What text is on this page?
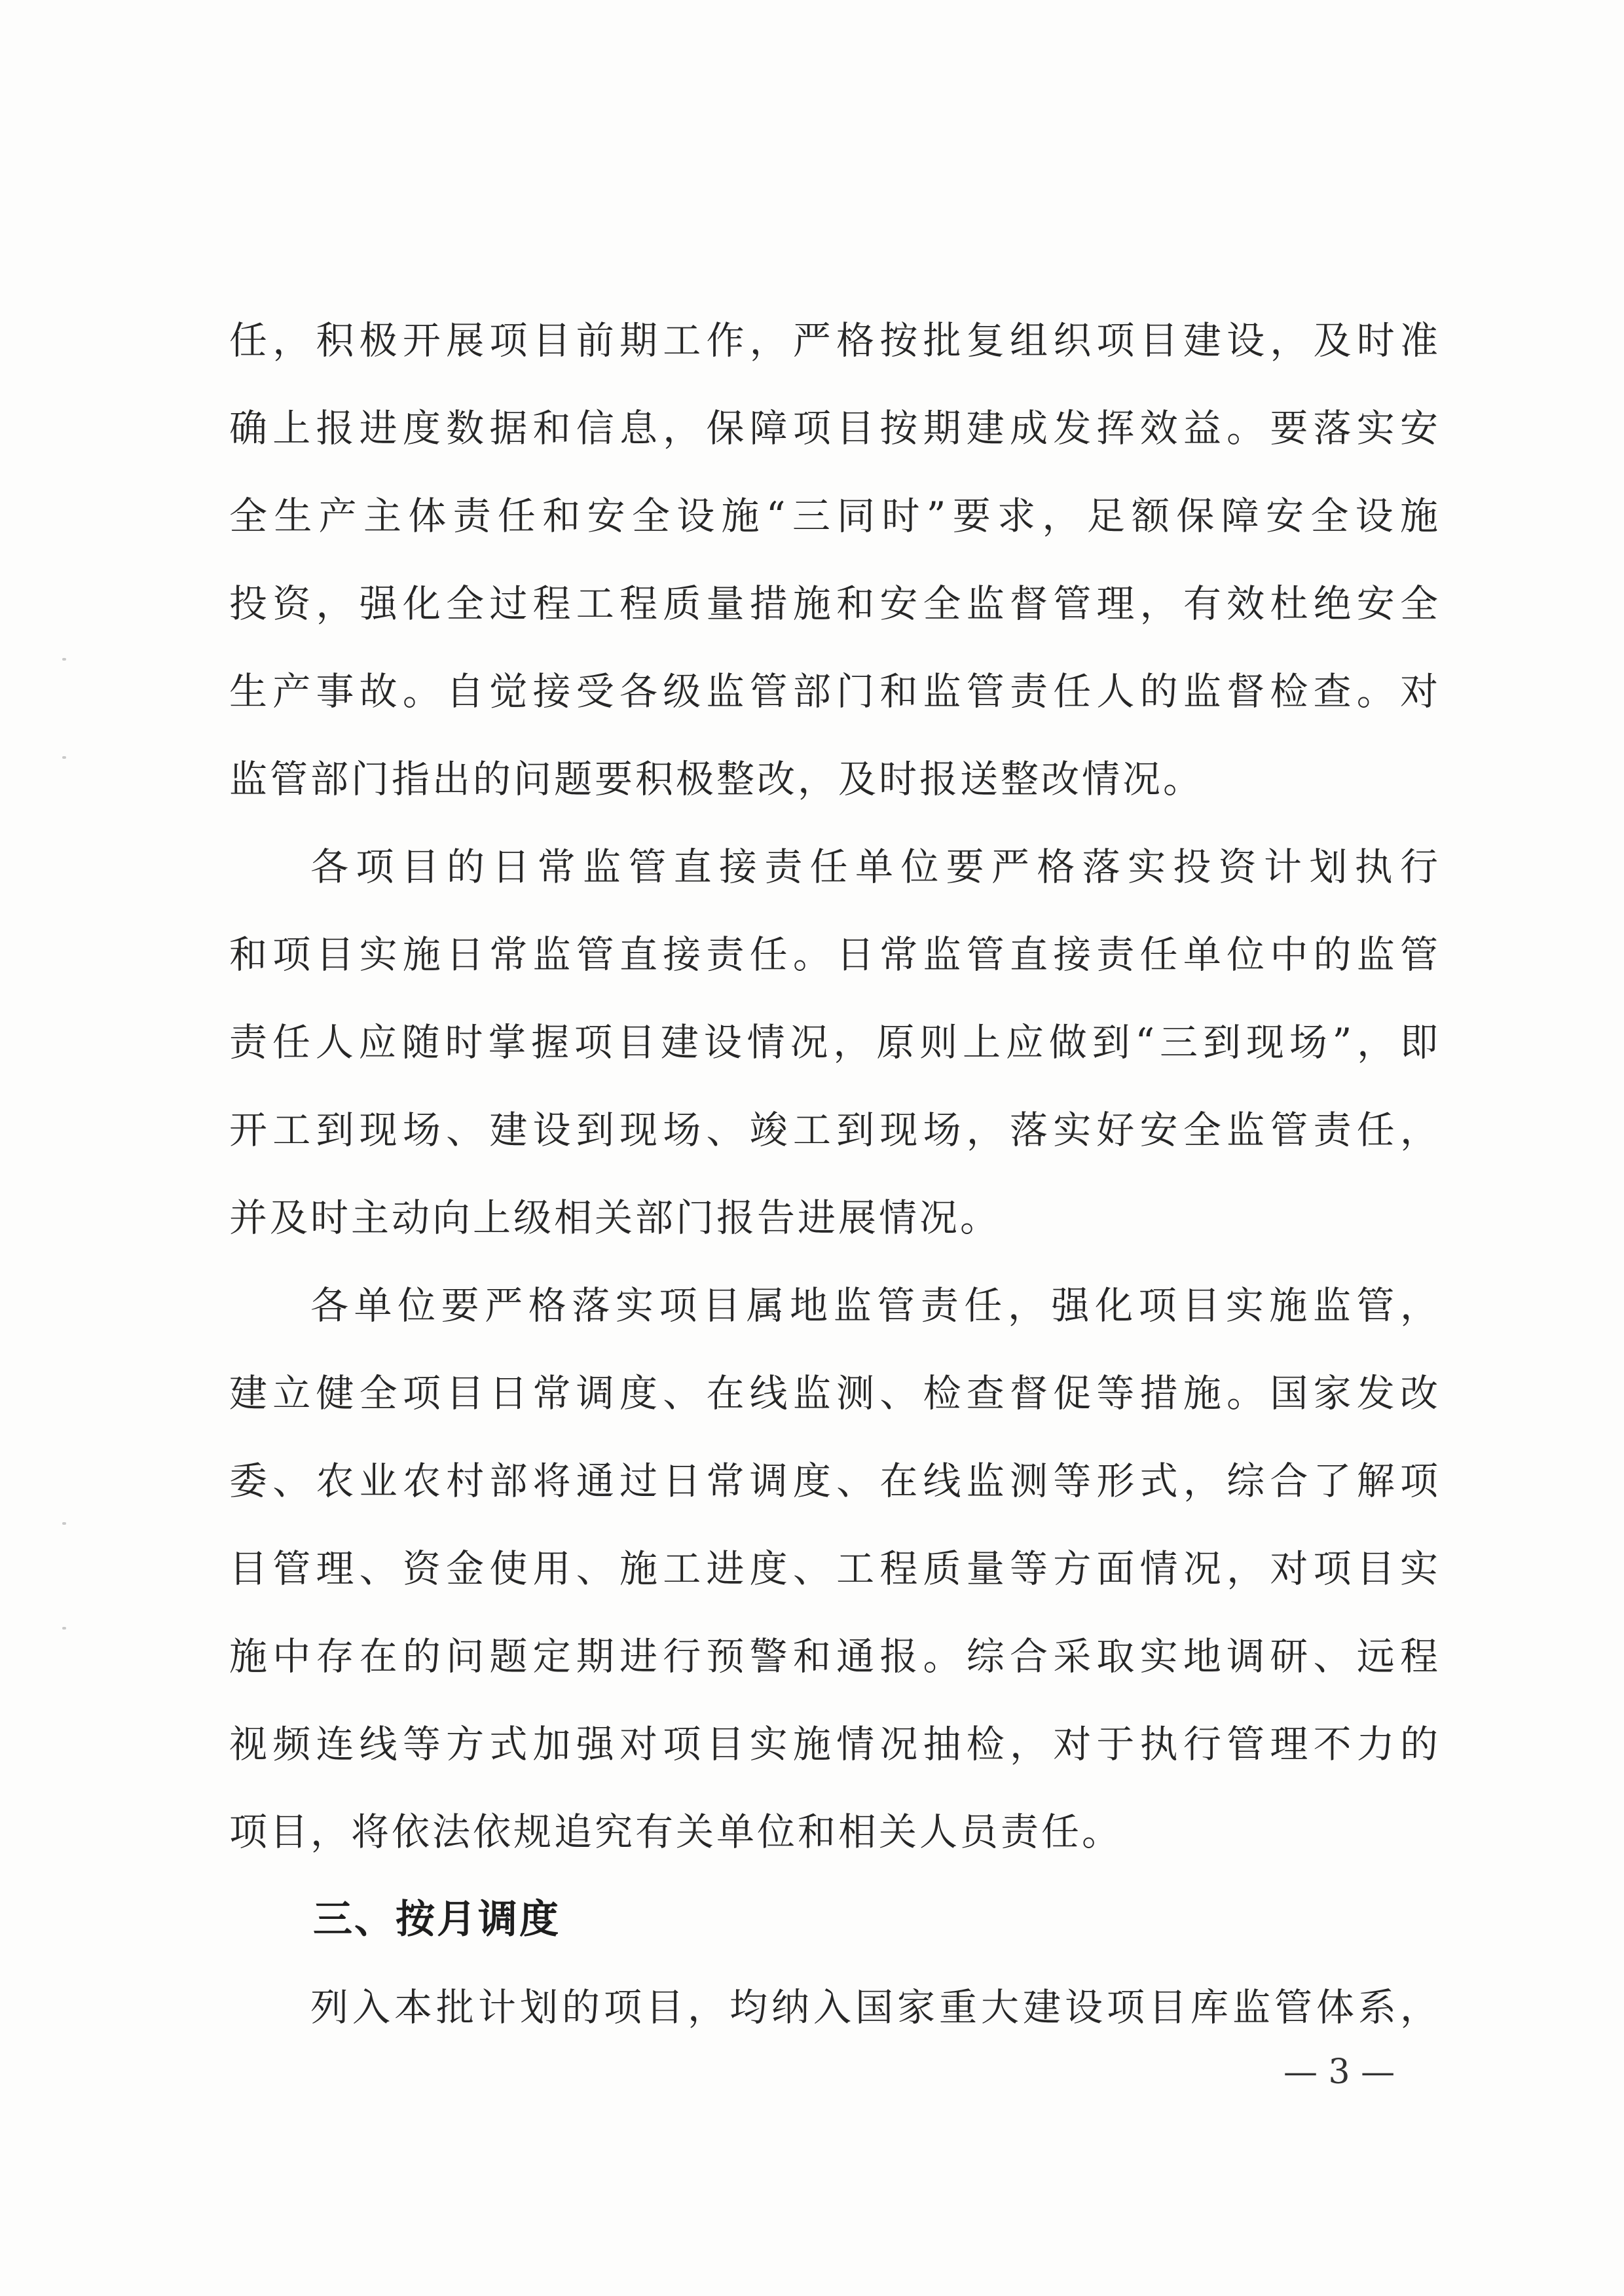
任，积极开展项目前期工作，严格按批复组织项目建设，及时准
确上报进度数据和信息，保障项目按期建成发挥效益。要落实安
全生产主体责任和安全设施“三同时”要求，足额保障安全设施
投资，强化全过程工程质量措施和安全监督管理，有效杜绝安全
生产事故。自觉接受各级监管部门和监管责任人的监督检查。对
监管部门指出的问题要积极整改，及时报送整改情况。
各项目的日常监管直接责任单位要严格落实投资计划执行
和项目实施日常监管直接责任。日常监管直接责任单位中的监管
责任人应随时掌握项目建设情况，原则上应做到“三到现场”，即
开工到现场、建设到现场、竣工到现场，落实好安全监管责任，
并及时主动向上级相关部门报告进展情况。
各单位要严格落实项目属地监管责任，强化项目实施监管，
建立健全项目日常调度、在线监测、检查督促等措施。国家发改
委、农业农村部将通过日常调度、在线监测等形式，综合了解项
目管理、资金使用、施工进度、工程质量等方面情况，对项目实
施中存在的问题定期进行预警和通报。综合采取实地调研、远程
视频连线等方式加强对项目实施情况抽检，对于执行管理不力的
项目，将依法依规追究有关单位和相关人员责任。
三、按月调度
列入本批计划的项目，均纳入国家重大建设项目库监管体系，
— 3 —
